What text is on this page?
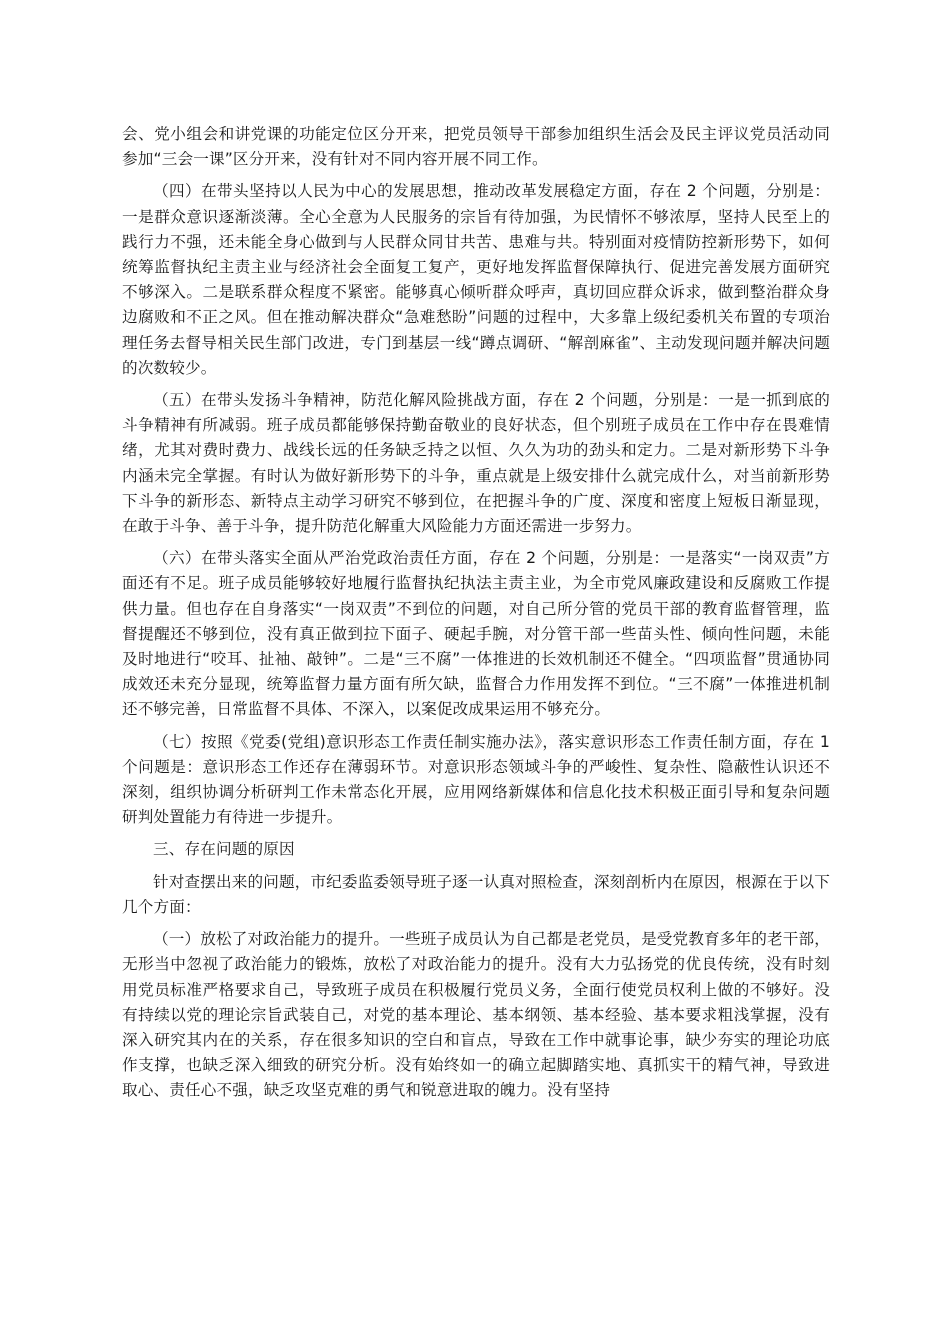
会、党小组会和讲党课的功能定位区分开来，把党员领导干部参加组织生活会及民主评议党员活动同参加“三会一课”区分开来，没有针对不同内容开展不同工作。

（四）在带头坚持以人民为中心的发展思想，推动改革发展稳定方面，存在 2 个问题，分别是：一是群众意识逐渐淡薄。全心全意为人民服务的宗旨有待加强，为民情怀不够浓厚，坚持人民至上的践行力不强，还未能全身心做到与人民群众同甘共苦、患难与共。特别面对疫情防控新形势下，如何统筹监督执纪主责主业与经济社会全面复工复产，更好地发挥监督保障执行、促进完善发展方面研究不够深入。二是联系群众程度不紧密。能够真心倾听群众呼声，真切回应群众诉求，做到整治群众身边腐败和不正之风。但在推动解决群众“急难愁盼”问题的过程中，大多靠上级纪委机关布置的专项治理任务去督导相关民生部门改进，专门到基层一线“蹲点调研、“解剖麻雀”、主动发现问题并解决问题的次数较少。

（五）在带头发扬斗争精神，防范化解风险挑战方面，存在 2 个问题，分别是：一是一抓到底的斗争精神有所减弱。班子成员都能够保持勤奋敬业的良好状态，但个别班子成员在工作中存在畏难情绪，尤其对费时费力、战线长远的任务缺乏持之以恒、久久为功的劲头和定力。二是对新形势下斗争内涵未完全掌握。有时认为做好新形势下的斗争，重点就是上级安排什么就完成什么，对当前新形势下斗争的新形态、新特点主动学习研究不够到位，在把握斗争的广度、深度和密度上短板日渐显现，在敢于斗争、善于斗争，提升防范化解重大风险能力方面还需进一步努力。

（六）在带头落实全面从严治党政治责任方面，存在 2 个问题，分别是：一是落实“一岗双责”方面还有不足。班子成员能够较好地履行监督执纪执法主责主业，为全市党风廉政建设和反腐败工作提供力量。但也存在自身落实“一岗双责”不到位的问题，对自己所分管的党员干部的教育监督管理，监督提醒还不够到位，没有真正做到拉下面子、硬起手腕，对分管干部一些苗头性、倾向性问题，未能及时地进行“咬耳、扯袖、敲钟”。二是“三不腐”一体推进的长效机制还不健全。“四项监督”贯通协同成效还未充分显现，统筹监督力量方面有所欠缺，监督合力作用发挥不到位。“三不腐”一体推进机制还不够完善，日常监督不具体、不深入，以案促改成果运用不够充分。

（七）按照《党委(党组)意识形态工作责任制实施办法》，落实意识形态工作责任制方面，存在 1 个问题是：意识形态工作还存在薄弱环节。对意识形态领域斗争的严峻性、复杂性、隐蔽性认识还不深刻，组织协调分析研判工作未常态化开展，应用网络新媒体和信息化技术积极正面引导和复杂问题研判处置能力有待进一步提升。

三、存在问题的原因

针对查摆出来的问题，市纪委监委领导班子逐一认真对照检查，深刻剖析内在原因，根源在于以下几个方面：

（一）放松了对政治能力的提升。一些班子成员认为自己都是老党员，是受党教育多年的老干部，无形当中忽视了政治能力的锻炼，放松了对政治能力的提升。没有大力弘扬党的优良传统，没有时刻用党员标准严格要求自己，导致班子成员在积极履行党员义务，全面行使党员权利上做的不够好。没有持续以党的理论宗旨武装自己，对党的基本理论、基本纲领、基本经验、基本要求粗浅掌握，没有深入研究其内在的关系，存在很多知识的空白和盲点，导致在工作中就事论事，缺少夯实的理论功底作支撑，也缺乏深入细致的研究分析。没有始终如一的确立起脚踏实地、真抓实干的精气神，导致进取心、责任心不强，缺乏攻坚克难的勇气和锐意进取的魄力。没有坚持
